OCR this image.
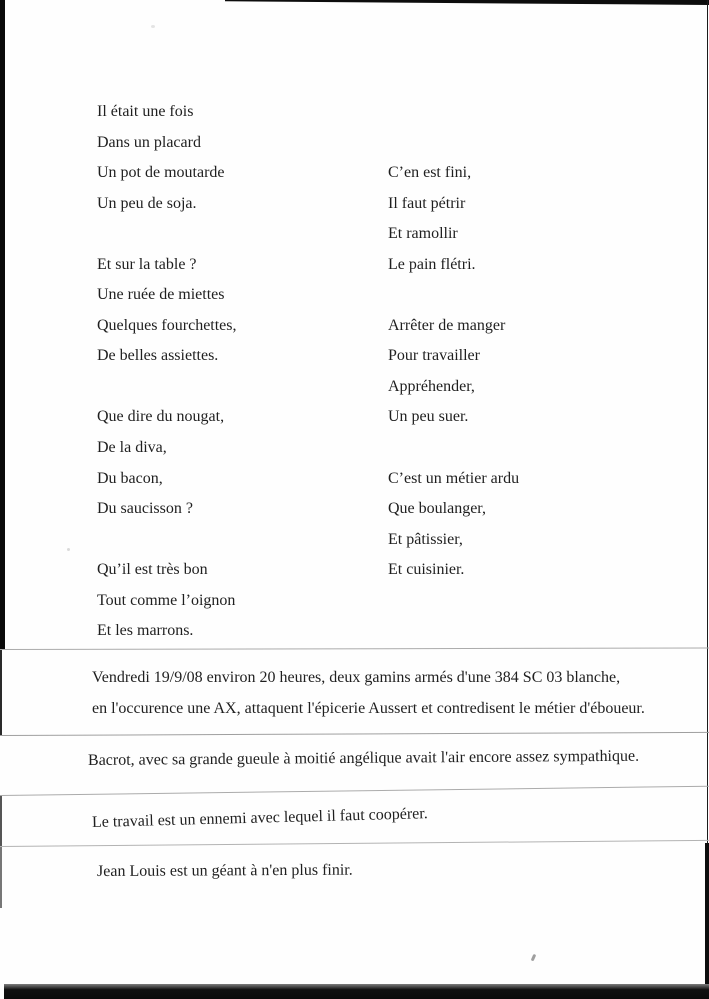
Il était une fois
Dans un placard
Un pot de moutarde
Un peu de soja.
Et sur la table ?
Une ruée de miettes
Quelques fourchettes,
De belles assiettes.
Que dire du nougat,
De la diva,
Du bacon,
Du saucisson ?
Qu’il est très bon
Tout comme l’oignon
Et les marrons.
C’en est fini,
Il faut pétrir
Et ramollir
Le pain flétri.
Arrêter de manger
Pour travailler
Appréhender,
Un peu suer.
C’est un métier ardu
Que boulanger,
Et pâtissier,
Et cuisinier.
Vendredi 19/9/08 environ 20 heures, deux gamins armés d'une 384 SC 03 blanche,
en l'occurence une AX, attaquent l'épicerie Aussert et contredisent le métier d'éboueur.
Bacrot, avec sa grande gueule à moitié angélique avait l'air encore assez sympathique.
Le travail est un ennemi avec lequel il faut coopérer.
Jean Louis est un géant à n'en plus finir.
